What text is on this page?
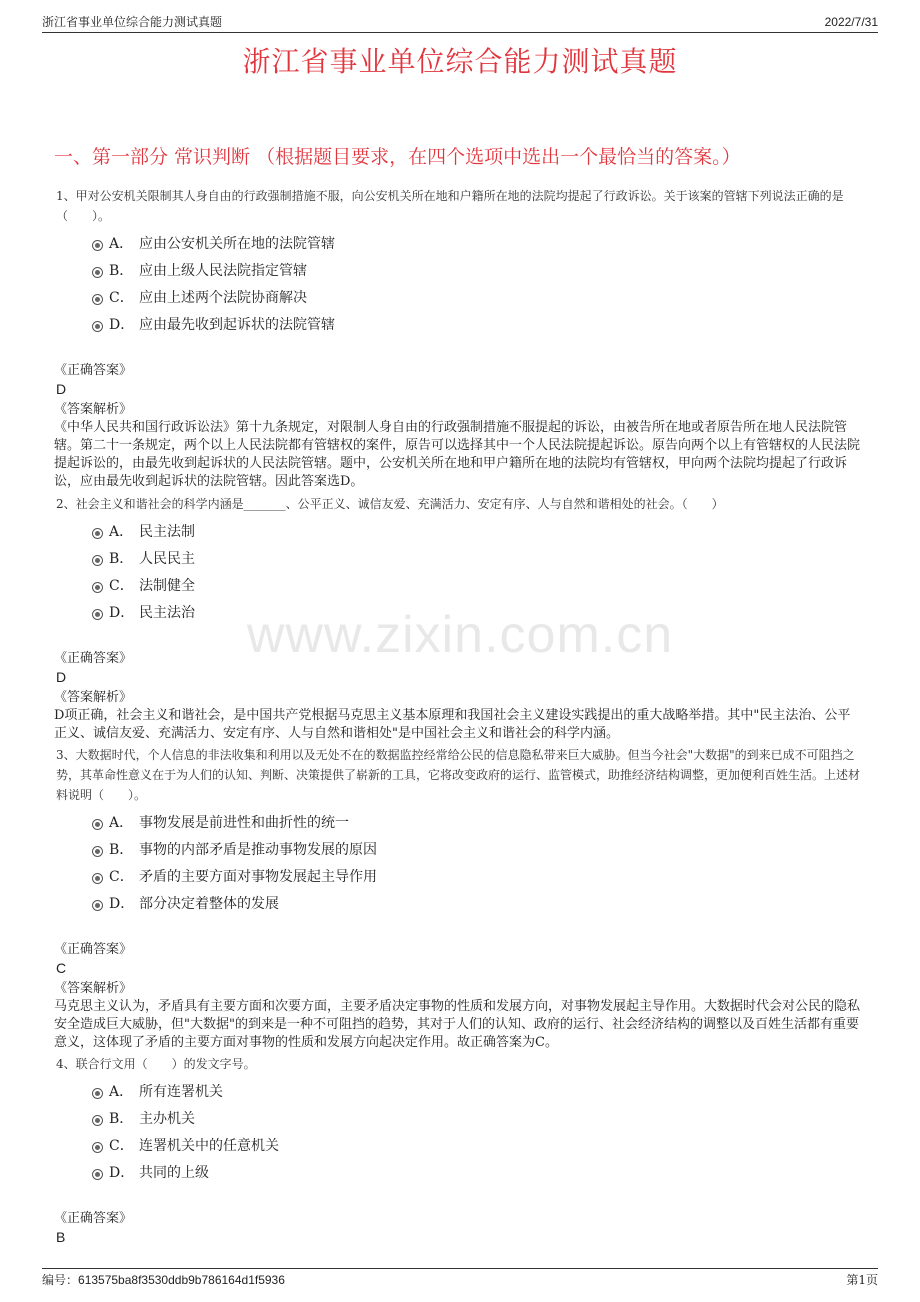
浙江省事业单位综合能力测试真题	2022/7/31
浙江省事业单位综合能力测试真题
一、第一部分 常识判断 （根据题目要求，在四个选项中选出一个最恰当的答案。）
1、甲对公安机关限制其人身自由的行政强制措施不服，向公安机关所在地和户籍所在地的法院均提起了行政诉讼。关于该案的管辖下列说法正确的是（　　）。
A． 应由公安机关所在地的法院管辖
B． 应由上级人民法院指定管辖
C． 应由上述两个法院协商解决
D． 应由最先收到起诉状的法院管辖
《正确答案》
D
《答案解析》
《中华人民共和国行政诉讼法》第十九条规定，对限制人身自由的行政强制措施不服提起的诉讼，由被告所在地或者原告所在地人民法院管辖。第二十一条规定，两个以上人民法院都有管辖权的案件，原告可以选择其中一个人民法院提起诉讼。原告向两个以上有管辖权的人民法院提起诉讼的，由最先收到起诉状的人民法院管辖。题中，公安机关所在地和甲户籍所在地的法院均有管辖权，甲向两个法院均提起了行政诉讼，应由最先收到起诉状的法院管辖。因此答案选D。
2、社会主义和谐社会的科学内涵是_______、公平正义、诚信友爱、充满活力、安定有序、人与自然和谐相处的社会。（　　）
A． 民主法制
B． 人民民主
C． 法制健全
D． 民主法治
《正确答案》
D
《答案解析》
D项正确，社会主义和谐社会，是中国共产党根据马克思主义基本原理和我国社会主义建设实践提出的重大战略举措。其中"民主法治、公平正义、诚信友爱、充满活力、安定有序、人与自然和谐相处"是中国社会主义和谐社会的科学内涵。
3、大数据时代，个人信息的非法收集和利用以及无处不在的数据监控经常给公民的信息隐私带来巨大威胁。但当今社会"大数据"的到来已成不可阻挡之势，其革命性意义在于为人们的认知、判断、决策提供了崭新的工具，它将改变政府的运行、监管模式，助推经济结构调整，更加便利百姓生活。上述材料说明（　　）。
A． 事物发展是前进性和曲折性的统一
B． 事物的内部矛盾是推动事物发展的原因
C． 矛盾的主要方面对事物发展起主导作用
D． 部分决定着整体的发展
《正确答案》
C
《答案解析》
马克思主义认为，矛盾具有主要方面和次要方面，主要矛盾决定事物的性质和发展方向，对事物发展起主导作用。大数据时代会对公民的隐私安全造成巨大威胁，但"大数据"的到来是一种不可阻挡的趋势，其对于人们的认知、政府的运行、社会经济结构的调整以及百姓生活都有重要意义，这体现了矛盾的主要方面对事物的性质和发展方向起决定作用。故正确答案为C。
4、联合行文用（　　）的发文字号。
A． 所有连署机关
B． 主办机关
C． 连署机关中的任意机关
D． 共同的上级
《正确答案》
B
www.zixin.com.cn
编号：613575ba8f3530ddb9b786164d1f5936	第1页
